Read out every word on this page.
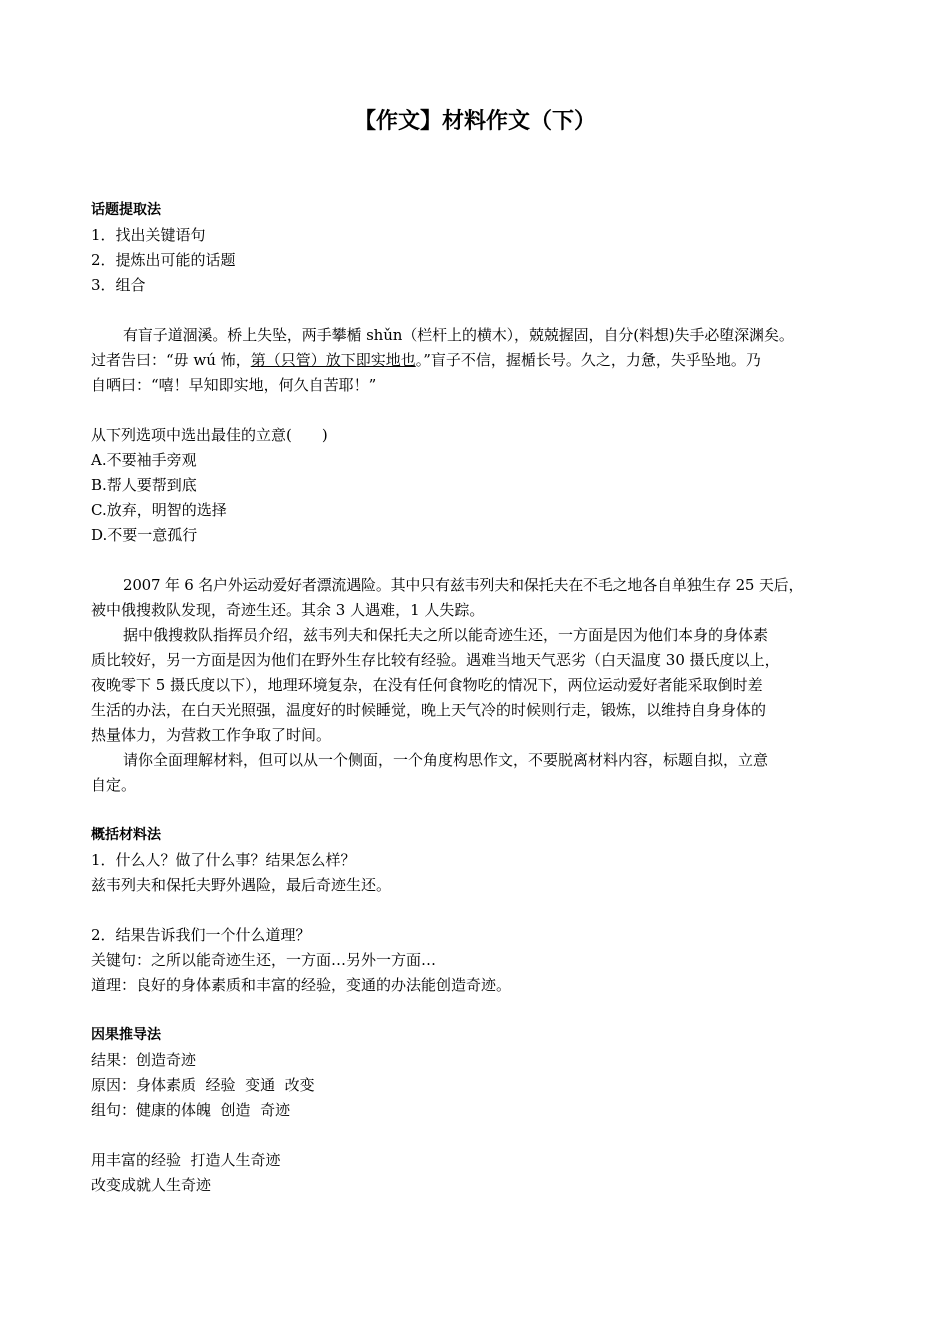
【作文】材料作文（下）
话题提取法
1．找出关键语句
2．提炼出可能的话题
3．组合
有盲子道涸溪。桥上失坠，两手攀楯 shǔn（栏杆上的横木），兢兢握固，自分(料想)失手必堕深渊矣。
过者告曰：“毋 wú 怖，第（只管）放下即实地也。”盲子不信，握楯长号。久之，力惫，失乎坠地。乃
自哂曰：“嘻！早知即实地，何久自苦耶！”
从下列选项中选出最佳的立意(　　)
A.不要袖手旁观
B.帮人要帮到底
C.放弃，明智的选择
D.不要一意孤行
2007 年 6 名户外运动爱好者漂流遇险。其中只有兹韦列夫和保托夫在不毛之地各自单独生存 25 天后，
被中俄搜救队发现，奇迹生还。其余 3 人遇难，1 人失踪。
据中俄搜救队指挥员介绍，兹韦列夫和保托夫之所以能奇迹生还，一方面是因为他们本身的身体素
质比较好，另一方面是因为他们在野外生存比较有经验。遇难当地天气恶劣（白天温度 30 摄氏度以上，
夜晚零下 5 摄氏度以下），地理环境复杂，在没有任何食物吃的情况下，两位运动爱好者能采取倒时差
生活的办法，在白天光照强，温度好的时候睡觉，晚上天气冷的时候则行走，锻炼，以维持自身身体的
热量体力，为营救工作争取了时间。
请你全面理解材料，但可以从一个侧面，一个角度构思作文，不要脱离材料内容，标题自拟，立意
自定。
概括材料法
1．什么人？做了什么事？结果怎么样？
兹韦列夫和保托夫野外遇险，最后奇迹生还。
2．结果告诉我们一个什么道理？
关键句：之所以能奇迹生还，一方面…另外一方面…
道理：良好的身体素质和丰富的经验，变通的办法能创造奇迹。
因果推导法
结果：创造奇迹
原因：身体素质  经验  变通  改变
组句：健康的体魄  创造  奇迹
用丰富的经验  打造人生奇迹
改变成就人生奇迹
